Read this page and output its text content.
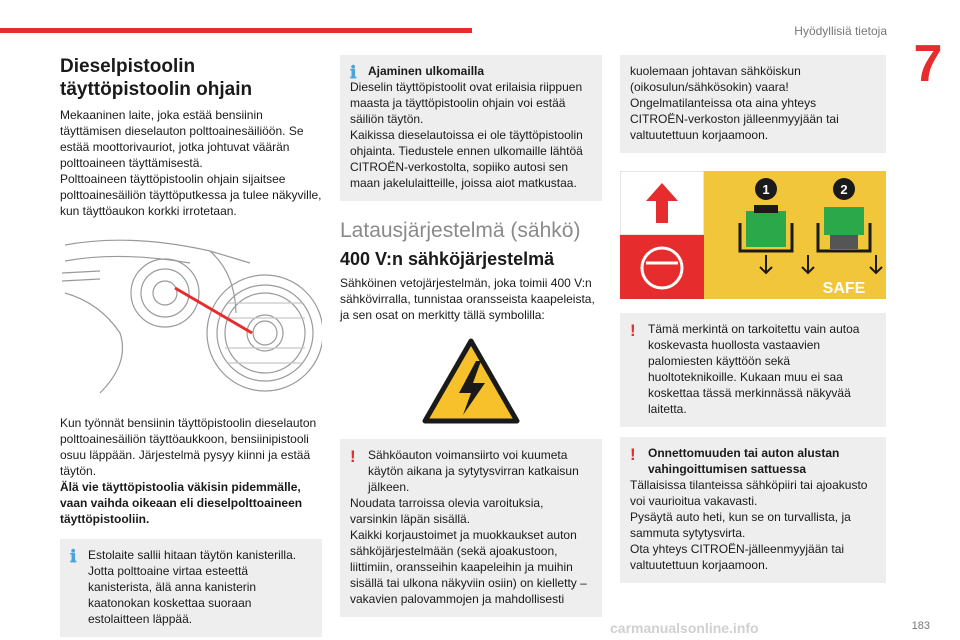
Hyödyllisiä tietoja
7
Dieselpistoolin täyttöpistoolin ohjain

Mekaaninen laite, joka estää bensiinin täyttämisen dieselauton polttoainesäiliöön. Se estää moottorivauriot, jotka johtuvat väärän polttoaineen täyttämisestä.

Polttoaineen täyttöpistoolin ohjain sijaitsee polttoainesäiliön täyttöputkessa ja tulee näkyville, kun täyttöaukon korkki irrotetaan.

Kun työnnät bensiinin täyttöpistoolin dieselauton polttoainesäiliön täyttöaukkoon, bensiinipistooli osuu läppään. Järjestelmä pysyy kiinni ja estää täytön.

Älä vie täyttöpistoolia väkisin pidemmälle, vaan vaihda oikeaan eli dieselpolttoaineen täyttöpistooliin.

ℹ Estolaite sallii hitaan täytön kanisterilla. Jotta polttoaine virtaa esteettä kanisterista, älä anna kanisterin kaatonokan koskettaa suoraan estolaitteen läppää.

ℹ Ajaminen ulkomailla

Dieselin täyttöpistoolit ovat erilaisia riippuen maasta ja täyttöpistoolin ohjain voi estää säiliön täytön.

Kaikissa dieselautoissa ei ole täyttöpistoolin ohjainta. Tiedustele ennen ulkomaille lähtöä CITROËN-verkostolta, sopiiko autosi sen maan jakelulaitteille, joissa aiot matkustaa.

Latausjärjestelmä (sähkö)
400 V:n sähköjärjestelmä

Sähköinen vetojärjestelmän, joka toimii 400 V:n sähkövirralla, tunnistaa oransseista kaapeleista, ja sen osat on merkitty tällä symbolilla:

!	Sähköauton voimansiirto voi kuumeta käytön aikana ja sytytysvirran katkaisun jälkeen.

Noudata tarroissa olevia varoituksia, varsinkin läpän sisällä.

Kaikki korjaustoimet ja muokkaukset auton sähköjärjestelmään (sekä ajoakustoon, liittimiin, oransseihin kaapeleihin ja muihin sisällä tai ulkona näkyviin osiin) on kielletty – vakavien palovammojen ja mahdollisesti

kuolemaan johtavan sähköiskun (oikosulun/sähkösokin) vaara!

Ongelmatilanteissa ota aina yhteys CITROËN-verkoston jälleenmyyjään tai valtuutettuun korjaamoon.

1	2
SAFE
!	Tämä merkintä on tarkoitettu vain autoa koskevasta huollosta vastaavien palomiesten käyttöön sekä huoltoteknikoille. Kukaan muu ei saa koskettaa tässä merkinnässä näkyvää laitetta.

!	Onnettomuuden tai auton alustan vahingoittumisen sattuessa

Tällaisissa tilanteissa sähköpiiri tai ajoakusto voi vaurioitua vakavasti.

Pysäytä auto heti, kun se on turvallista, ja sammuta sytytysvirta.

Ota yhteys CITROËN-jälleenmyyjään tai valtuutettuun korjaamoon.

carmanualsonline.info	183
